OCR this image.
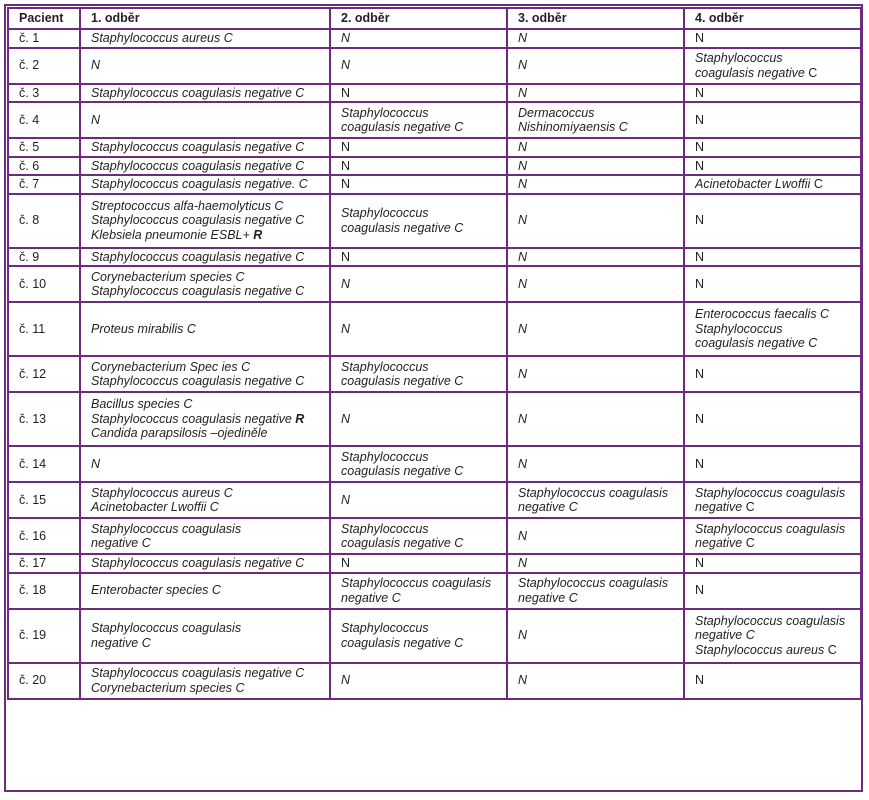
Pacient	1. odběr	2. odběr	3. odběr	4. odběr
č. 1	Staphylococcus aureus C	N	N	N

č. 2	N	N	N	Staphylococcus
coagulasis negative C

č. 3	Staphylococcus coagulasis negative C	N	N	N

č. 4	N	Staphylococcus
coagulasis negative C	Dermacoccus
Nishinomiyaensis C	N

č. 5	Staphylococcus coagulasis negative C	N	N	N

č. 6	Staphylococcus coagulasis negative C	N	N	N

č. 7	Staphylococcus coagulasis negative. C	N	N	Acinetobacter Lwoffii C

č. 8	Streptococcus alfa-haemolyticus C
Staphylococcus coagulasis negative C
Klebsiela pneumonie ESBL+ R	Staphylococcus
coagulasis negative C	N	N

č. 9	Staphylococcus coagulasis negative C	N	N	N

č. 10	Corynebacterium species C
Staphylococcus coagulasis negative C	N	N	N

č. 11	Proteus mirabilis C	N	N	Enterococcus faecalis C
Staphylococcus
coagulasis negative C

č. 12	Corynebacterium Spec ies C
Staphylococcus coagulasis negative C	Staphylococcus
coagulasis negative C	N	N

č. 13	Bacillus species C
Staphylococcus coagulasis negative R
Candida parapsilosis –ojediněle	N	N	N

č. 14	N	Staphylococcus
coagulasis negative C	N	N

č. 15	Staphylococcus aureus C
Acinetobacter Lwoffii C	N	Staphylococcus coagulasis
negative C	Staphylococcus coagulasis
negative C

č. 16	Staphylococcus coagulasis
negative C	Staphylococcus
coagulasis negative C	N	Staphylococcus coagulasis
negative C

č. 17	Staphylococcus coagulasis negative C	N	N	N

č. 18	Enterobacter species C	Staphylococcus coagulasis
negative C	Staphylococcus coagulasis
negative C	N

č. 19	Staphylococcus coagulasis
negative C	Staphylococcus
coagulasis negative C	N	Staphylococcus coagulasis
negative C
Staphylococcus aureus C

č. 20	Staphylococcus coagulasis negative C
Corynebacterium species C	N	N	N
